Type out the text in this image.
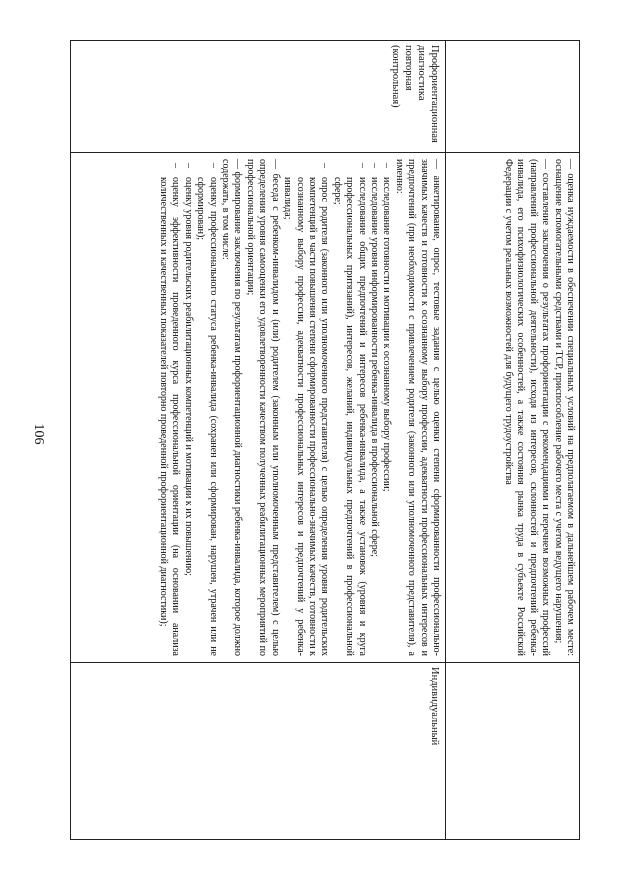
106	— оценка нуждаемости в обеспечении специальных условий на предполагаемом в дальнейшем рабочем месте: оснащение вспомогательными средствами и ТСР, приспособление рабочего места с учетом ведущего нарушения;

— составление заключения о результатах профориентации с рекомендациями и перечнем возможных профессий (направлений профессиональной деятельности), исходя из интересов, склонностей и предпочтений ребенка-инвалида, его психофизиологических особенностей, а также состояния рынка труда в субъекте Российской Федерации с учетом реальных возможностей для будущего трудоустройства

Профориентационная диагностика повторная (контрольная)

— анкетирование, опрос, тестовые задания с целью оценки степени сформированности профессионально-значимых качеств и готовности к осознанному выбору профессии, адекватности профессиональных интересов и предпочтений (при необходимости с привлечением родителя (законного или уполномоченного представителя), а именно:

– исследование готовности и мотивации к осознанному выбору профессии;

– исследование уровня информированности ребенка-инвалида в профессиональной сфере;

– исследование общих предпочтений и интересов ребенка-инвалида, а также установок (уровня и круга профессиональных притязаний), интересов, желаний, индивидуальных предпочтений в профессиональной сфере;

– опрос родителя (законного или уполномоченного представителя) с целью определения уровня родительских компетенций в части повышения степени сформированности профессионально-значимых качеств, готовности к осознанному выбору профессии, адекватности профессиональных интересов и предпочтений у ребенка-инвалида;

— беседа с ребенком-инвалидом и (или) родителем (законным или уполномоченным представителем) с целью определения уровня самооценки его удовлетворенности качеством полученных реабилитационных мероприятий по профессиональной ориентации;

— формирование заключения по результатам профориентационной диагностики ребенка-инвалида, которое должно содержать, в том числе:

– оценку профессионального статуса ребенка-инвалида (сохранен или сформирован, нарушен, утрачен или не сформирован);

– оценку уровня родительских реабилитационных компетенций и мотивации к их повышению;

– оценку эффективности проведенного курса профессиональной ориентации (на основании анализа количественных и качественных показателей повторно проведенной профориентационной диагностики);

Индивидуальный
